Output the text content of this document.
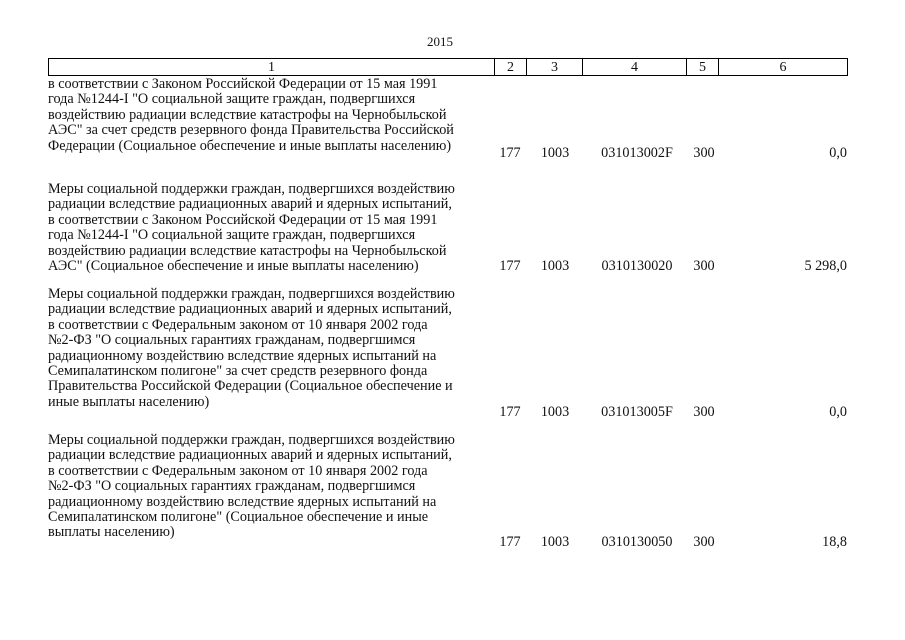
2015
1	2	3	4	5	6
в соответствии с Законом Российской Федерации от 15 мая 1991
года №1244-I "О социальной защите граждан, подвергшихся
воздействию радиации вследствие катастрофы на Чернобыльской
АЭС" за счет средств резервного фонда Правительства Российской
Федерации (Социальное обеспечение и иные выплаты населению)	177 1003	031013002F	300	0,0
Меры социальной поддержки граждан, подвергшихся воздействию
радиации вследствие радиационных аварий и ядерных испытаний,
в соответствии с Законом Российской Федерации от 15 мая 1991
года №1244-I "О социальной защите граждан, подвергшихся
воздействию радиации вследствие катастрофы на Чернобыльской
АЭС" (Социальное обеспечение и иные выплаты населению)	177 1003	0310130020	300	5 298,0
Меры социальной поддержки граждан, подвергшихся воздействию
радиации вследствие радиационных аварий и ядерных испытаний,
в соответствии с Федеральным законом от 10 января 2002 года
№2-ФЗ "О социальных гарантиях гражданам, подвергшимся
радиационному воздействию вследствие ядерных испытаний на
Семипалатинском полигоне" за счет средств резервного фонда
Правительства Российской Федерации (Социальное обеспечение и
иные выплаты населению)
177 1003	031013005F	300	0,0
Меры социальной поддержки граждан, подвергшихся воздействию
радиации вследствие радиационных аварий и ядерных испытаний,
в соответствии с Федеральным законом от 10 января 2002 года
№2-ФЗ "О социальных гарантиях гражданам, подвергшимся
радиационному воздействию вследствие ядерных испытаний на
Семипалатинском полигоне" (Социальное обеспечение и иные
выплаты населению)
177 1003	0310130050	300	18,8
